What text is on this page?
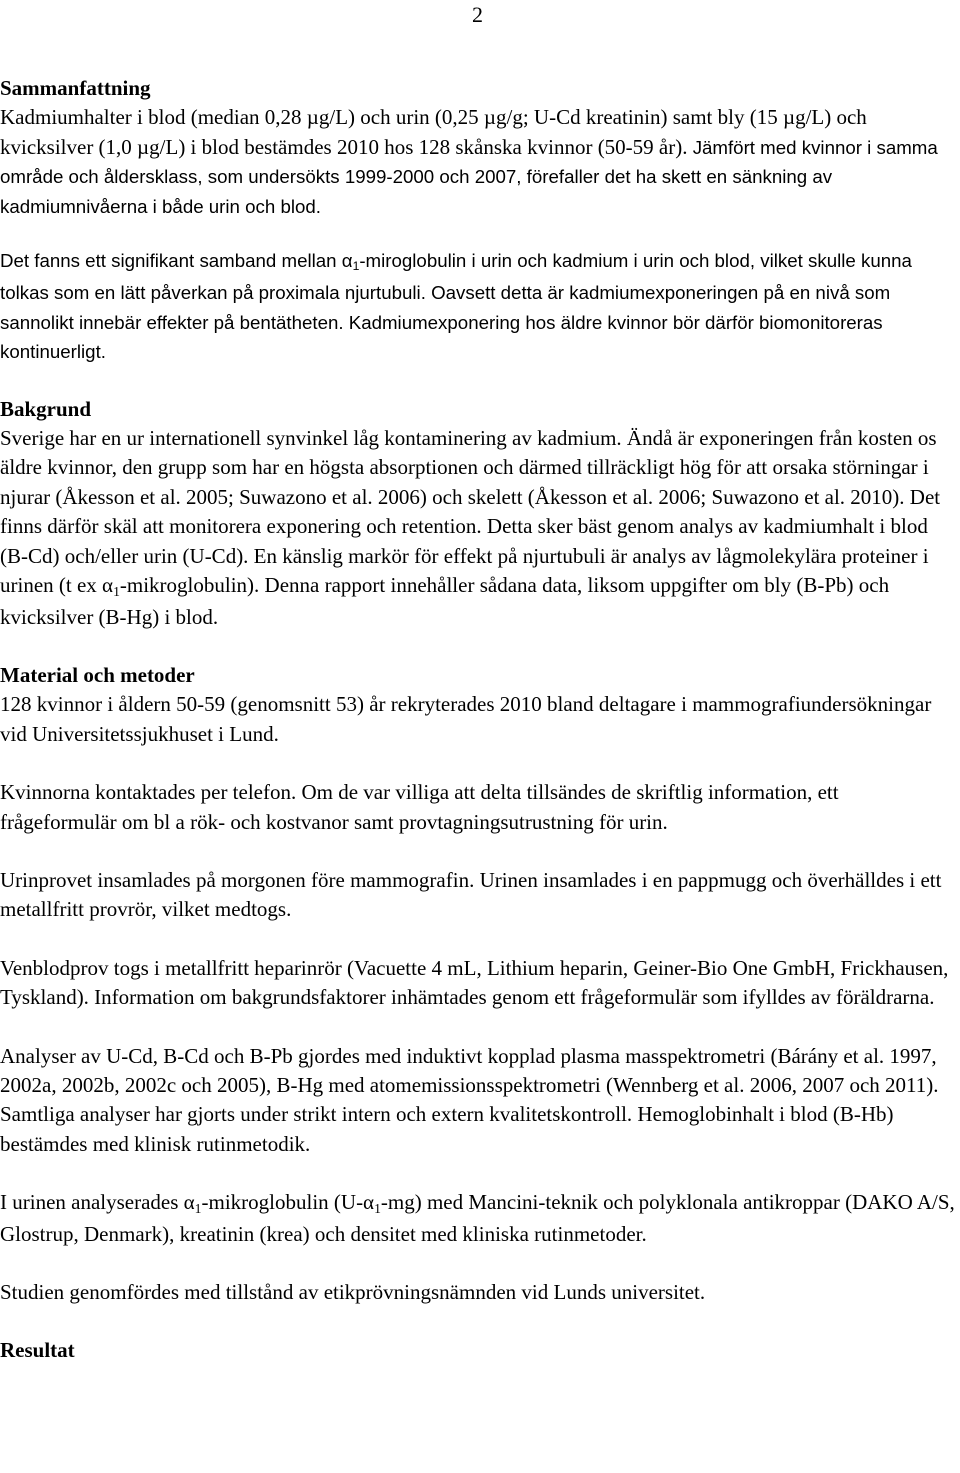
2

Sammanfattning

Kadmiumhalter i blod (median 0,28 µg/L) och urin (0,25 µg/g; U-Cd kreatinin) samt bly (15 µg/L) och kvicksilver (1,0 µg/L) i blod bestämdes 2010 hos 128 skånska kvinnor (50-59 år). Jämfört med kvinnor i samma område och åldersklass, som undersökts 1999-2000 och 2007, förefaller det ha skett en sänkning av kadmiumnivåerna i både urin och blod.

Det fanns ett signifikant samband mellan $\alpha_1$-miroglobulin i urin och kadmium i urin och blod, vilket skulle kunna tolkas som en lätt påverkan på proximala njurtubuli. Oavsett detta är kadmiumexponeringen på en nivå som sannolikt innebär effekter på bentätheten. Kadmiumexponering hos äldre kvinnor bör därför biomonitoreras kontinuerligt.

Bakgrund

Sverige har en ur internationell synvinkel låg kontaminering av kadmium. Ändå är exponeringen från kosten os äldre kvinnor, den grupp som har en högsta absorptionen och därmed tillräckligt hög för att orsaka störningar i njurar (Åkesson et al. 2005; Suwazono et al. 2006) och skelett (Åkesson et al. 2006; Suwazono et al. 2010). Det finns därför skäl att monitorera exponering och retention. Detta sker bäst genom analys av kadmiumhalt i blod (B-Cd) och/eller urin (U-Cd). En känslig markör för effekt på njurtubuli är analys av lågmolekylära proteiner i urinen (t ex $\alpha_1-mikroglobulin$). Denna rapport innehåller sådana data, liksom uppgifter om bly (B-Pb) och kvicksilver (B-Hg) i blod.

Material och metoder

128 kvinnor i åldern 50-59 (genomsnitt 53) år rekryterades 2010 bland deltagare i mammografiundersökningar vid Universitetssjukhuset i Lund.

Kvinnorna kontaktades per telefon. Om de var villiga att delta tillsändes de skriftlig information, ett frågeformulär om bl a rök- och kostvanor samt provtagningsutrustning för urin.

Urinprovet insamlades på morgonen före mammografin. Urinen insamlades i en pappmugg och överhälldes i ett metallfritt provrör, vilket medtogs.

Venblodprov togs i metallfritt heparinrör (Vacuette 4 mL, Lithium heparin, Geiner-Bio One GmbH, Frickhausen, Tyskland). Information om bakgrundsfaktorer inhämtades genom ett frågeformulär som ifylldes av föräldrarna.

Analyser av U-Cd, B-Cd och B-Pb gjordes med induktivt kopplad plasma masspektrometri (Bárány et al. 1997, 2002a, 2002b, 2002c och 2005), B-Hg med atomemissionsspektrometri (Wennberg et al. 2006, 2007 och 2011). Samtliga analyser har gjorts under strikt intern och extern kvalitetskontroll. Hemoglobinhalt i blod (B-Hb) bestämdes med klinisk rutinmetodik.

I urinen analyserades $\alpha_1$-mikroglobulin $(U-\alpha_1-mg)$ med Mancini-teknik och polyklonala antikroppar (DAKO A/S, Glostrup, Denmark), kreatinin (krea) och densitet med kliniska rutinmetoder.

Studien genomfördes med tillstånd av etikprövningsnämnden vid Lunds universitet.

Resultat
